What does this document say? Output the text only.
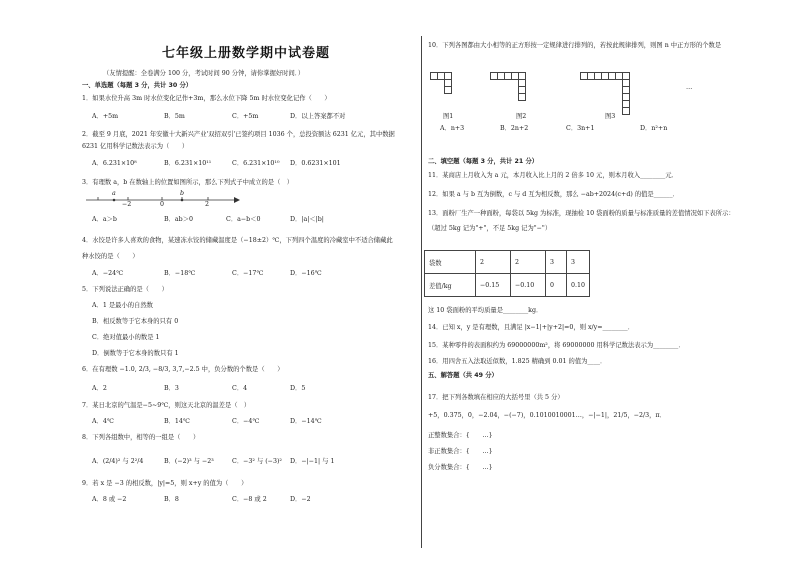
七年级上册数学期中试卷题
（友情提醒：全卷满分 100 分，考试时间 90 分钟，请你掌握好时间．）
一、单选题（每题 3 分，共计 30 分）
1．如果水位升高 3m 时水位变化记作+3m，那么水位下降 5m 时水位变化记作（　　）
A．+5m	B．5m	C．+5m	D．以上答案都不对
2．截至 9 月底，2021 年安徽十大新兴产业'双招双引'已签约项目 1036 个，总投资额达 6231 亿元，其中数据
6231 亿用科学记数法表示为（　　）
A．6.231×10⁸	B．6.231×10¹¹	C．6.231×10¹⁰ D．0.6231×101
3．有理数 a，b 在数轴上的位置如图所示，那么下列式子中成立的是（　）
a	b
−2	0	2
A．a＞b	B．ab＞0	C．a−b＜0	D．|a|＜|b|
4．水饺是许多人喜欢的食物，某速冻水饺的储藏温度是（−18±2）℃，下列四个温度的冷藏室中不适合储藏此
种水饺的是（　　）
A．−24℃	B．−18℃	C．−17℃	D．−16℃
5．下列说法正确的是（　　）
A．1 是最小的自然数
B．相反数等于它本身的只有 0
C．绝对值最小的数是 1
D．倒数等于它本身的数只有 1
6．在有理数 −1.0, 2/3, −8/3, 3,7,−2.5 中，负分数的个数是（　　）
A．2	B．3	C．4	D．5
7．某日北京的气温是−5~9℃，则这天北京的温差是（　）
A．4℃	B．14℃	C．−4℃	D．−14℃
8．下列各组数中，相等的一组是（　　）
A．(2/4)² 与 2²/4	B．(−2)³ 与 −2³	C．−3² 与 (−3)² D．−|−1| 与 1
9．若 x 是 −3 的相反数，|y|=5，则 x+y 的值为（　　）
A．8 或 −2	B．8	C．−8 或 2	D．−2
10．下列各图都由大小相等的正方形按一定规律进行排列的，若按此规律排列，则图 n 中正方形的个数是
…
图1	图2	图3
A．n+3	B．2n+2	C．3n+1	D．n²+n
二、填空题（每题 3 分，共计 21 分）
11．某商店上月收入为 a 元，本月收入比上月的 2 倍多 10 元，则本月收入________元．
12．如果 a 与 b 互为倒数，c 与 d 互为相反数，那么 −ab+2024(c+d) 的值是______．
13．面粉厂生产一种面粉，每袋以 5kg 为标准，现抽检 10 袋面粉的质量与标准质量的差值情况如下表所示：
（超过 5kg 记为"+"，不足 5kg 记为"−"）
袋数	2	2	3	3
差值/kg	−0.15	−0.10	0	0.10
这 10 袋面粉的平均质量是________kg．
14．已知 x，y 是有理数，且满足 |x−1|+|y+2|=0，则 x/y=________．
15．某种零件的表面积约为 69000000m²，将 69000000 用科学记数法表示为________．
16．用四舍五入法取近似数，1.825 精确到 0.01 的值为____．
五、解答题（共 49 分）
17．把下列各数填在相应的大括号里（共 5 分）
+5，0.375，0，−2.04，−(−7)，0.1010010001…，−|−1|，21/5，−2/3，π．
正整数集合：{　　…}
非正数集合：{　　…}
负分数集合：{　　…}
